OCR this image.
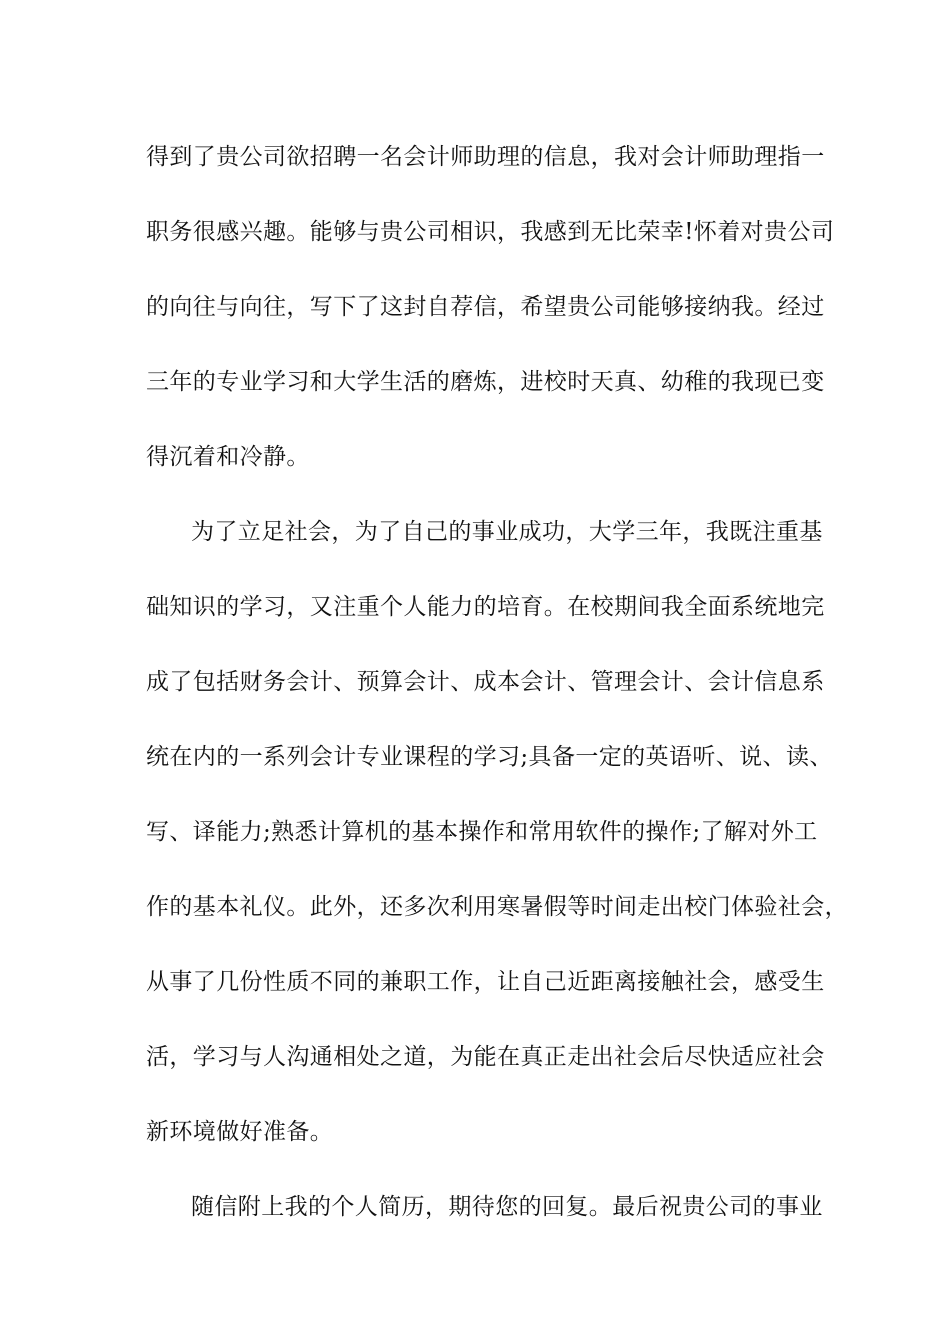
得到了贵公司欲招聘一名会计师助理的信息，我对会计师助理指一
职务很感兴趣。能够与贵公司相识，我感到无比荣幸!怀着对贵公司
的向往与向往，写下了这封自荐信，希望贵公司能够接纳我。经过
三年的专业学习和大学生活的磨炼，进校时天真、幼稚的我现已变
得沉着和冷静。
为了立足社会，为了自己的事业成功，大学三年，我既注重基
础知识的学习，又注重个人能力的培育。在校期间我全面系统地完
成了包括财务会计、预算会计、成本会计、管理会计、会计信息系
统在内的一系列会计专业课程的学习;具备一定的英语听、说、读、
写、译能力;熟悉计算机的基本操作和常用软件的操作;了解对外工
作的基本礼仪。此外，还多次利用寒暑假等时间走出校门体验社会，
从事了几份性质不同的兼职工作，让自己近距离接触社会，感受生
活，学习与人沟通相处之道，为能在真正走出社会后尽快适应社会
新环境做好准备。
随信附上我的个人简历，期待您的回复。最后祝贵公司的事业
